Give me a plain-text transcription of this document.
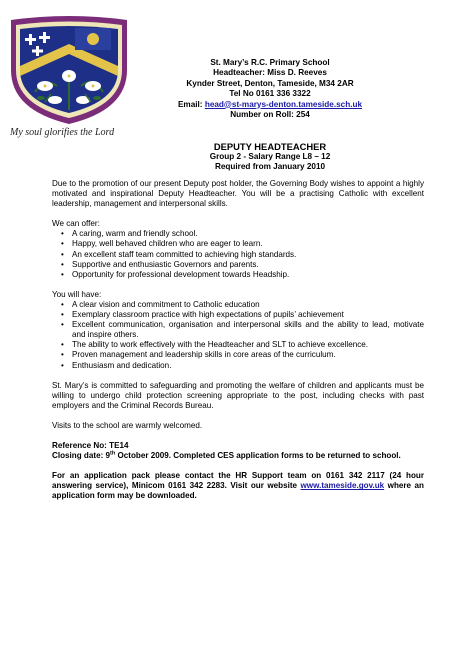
My soul glorifies the Lord
St. Mary’s R.C. Primary School
Headteacher: Miss D. Reeves
Kynder Street, Denton, Tameside, M34 2AR
Tel No 0161 336 3322
Email: head@st-marys-denton.tameside.sch.uk
Number on Roll: 254
DEPUTY HEADTEACHER
Group 2 - Salary Range L8 – 12
Required from January 2010

Due to the promotion of our present Deputy post holder, the Governing Body wishes to appoint a highly motivated and inspirational Deputy Headteacher. You will be a practising Catholic with excellent leadership, management and interpersonal skills.

We can offer:
• A caring, warm and friendly school.
• Happy, well behaved children who are eager to learn.
• An excellent staff team committed to achieving high standards.
• Supportive and enthusiastic Governors and parents.
• Opportunity for professional development towards Headship.
You will have:
• A clear vision and commitment to Catholic education
• Exemplary classroom practice with high expectations of pupils’ achievement
• Excellent communication, organisation and interpersonal skills and the ability to lead, motivate and inspire others.
• The ability to work effectively with the Headteacher and SLT to achieve excellence.
• Proven management and leadership skills in core areas of the curriculum.
• Enthusiasm and dedication.

St. Mary’s is committed to safeguarding and promoting the welfare of children and applicants must be willing to undergo child protection screening appropriate to the post, including checks with past employers and the Criminal Records Bureau.

Visits to the school are warmly welcomed.

Reference No: TE14

Closing date: 9th October 2009. Completed CES application forms to be returned to school.

For an application pack please contact the HR Support team on 0161 342 2117 (24 hour answering service), Minicom 0161 342 2283. Visit our website www.tameside.gov.uk where an application form may be downloaded.
